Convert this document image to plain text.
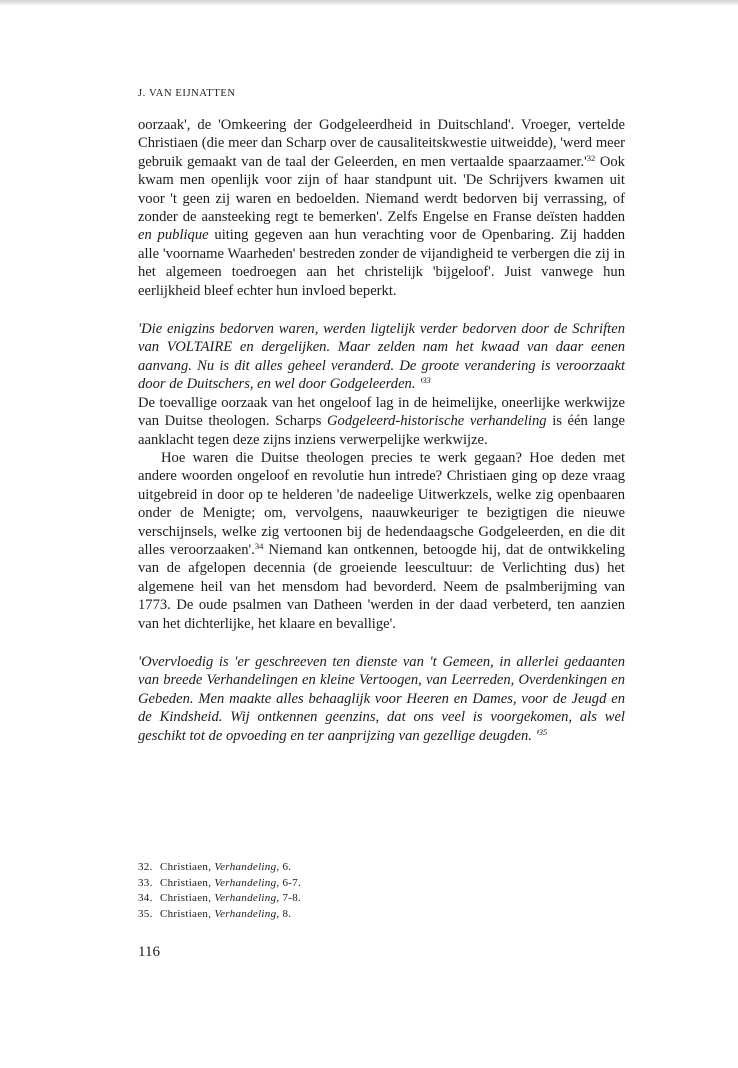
J. VAN EIJNATTEN

oorzaak', de 'Omkeering der Godgeleerdheid in Duitschland'. Vroeger, vertelde Christiaen (die meer dan Scharp over de causaliteitskwestie uitweidde), 'werd meer gebruik gemaakt van de taal der Geleerden, en men vertaalde $spaarzaamer.'^{32}$ Ook kwam men openlijk voor zijn of haar standpunt uit. 'De Schrijvers kwamen uit voor 't geen zij waren en bedoelden. Niemand werdt bedorven bij verrassing, of zonder de aansteeking regt te bemerken'. Zelfs Engelse en Franse deïsten hadden en publique uiting gegeven aan hun verachting voor de Openbaring. Zij hadden alle 'voorname Waarheden' bestreden zonder de vijandigheid te verbergen die zij in het algemeen toedroegen aan het christelijk 'bijgeloof'. Juist vanwege hun eerlijkheid bleef echter hun invloed beperkt.

'Die enigzins bedorven waren, werden ligtelijk verder bedorven door de Schriften van VOLTAIRE en dergelijken. Maar zelden nam het kwaad van daar eenen aanvang. Nu is dit alles geheel veranderd. De groote verandering is veroorzaakt door de Duitschers, en wel door Godgeleerden. '$^{33}$

De toevallige oorzaak van het ongeloof lag in de heimelijke, oneerlijke werkwijze van Duitse theologen. Scharps Godgeleerd-historische verhandeling is één lange aanklacht tegen deze zijns inziens verwerpelijke werkwijze.

Hoe waren die Duitse theologen precies te werk gegaan? Hoe deden met andere woorden ongeloof en revolutie hun intrede? Christiaen ging op deze vraag uitgebreid in door op te helderen 'de nadeelige Uitwerkzels, welke zig openbaaren onder de Menigte; om, vervolgens, naauwkeuriger te bezigtigen die nieuwe verschijnsels, welke zig vertoonen bij de hedendaagsche Godgeleerden, en die dit alles veroorzaaken'.$^{34}$ Niemand kan ontkennen, betoogde hij, dat de ontwikkeling van de afgelopen decennia (de groeiende leescultuur: de Verlichting dus) het algemene heil van het mensdom had bevorderd. Neem de psalmberijming van 1773. De oude psalmen van Datheen 'werden in der daad verbeterd, ten aanzien van het dichterlijke, het klaare en bevallige'.

'Overvloedig is 'er geschreeven ten dienste van 't Gemeen, in allerlei gedaanten van breede Verhandelingen en kleine Vertoogen, van Leerreden, Overdenkingen en Gebeden. Men maakte alles behaaglijk voor Heeren en Dames, voor de Jeugd en de Kindsheid. Wij ontkennen geenzins, dat ons veel is voorgekomen, als wel geschikt tot de opvoeding en ter aanprijzing van gezellige deugden. '$^{35}$

32. Christiaen, Verhandeling, 6.
33. Christiaen, Verhandeling, 6-7.
34. Christiaen, Verhandeling, 7-8.
35. Christiaen, Verhandeling, 8.
116
